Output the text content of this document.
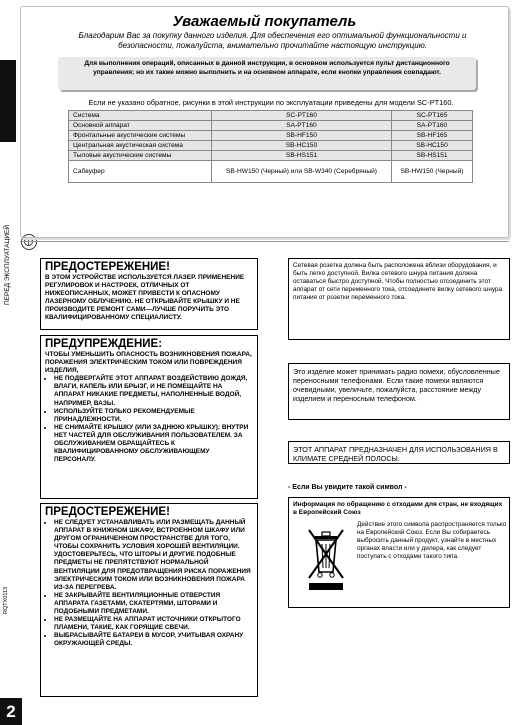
РУССКИЙ ЯЗЫК
ПЕРЕД ЭКСПЛУАТАЦИЕЙ
RQTX0113
2
Уважаемый покупатель
Благодарим Вас за покупку данного изделия. Для обеспечения его оптимальной функциональности и безопасности, пожалуйста, внимательно прочитайте настоящую инструкцию.
Для выполнения операций, описанных в данной инструкции, в основном используется пульт дистанционного управления; но их также можно выполнить и на основном аппарате, если кнопки управления совпадают.
Если не указано обратное, рисунки в этой инструкции по эксплуатации приведены для модели SC-PT160.
Система	SC-PT160	SC-PT165
Основной аппарат	SA-PT160	SA-PT160
Фронтальные акустические системы	SB-HF150	SB-HF165
Центральная акустическая система	SB-HC150	SB-HC150
Тыловые акустические системы	SB-HS151	SB-HS151
Сабвуфер	SB-HW150 (Черный) или SB-W340 (Серебряный)	SB-HW150 (Черный)
ПРЕДОСТЕРЕЖЕНИЕ!
В ЭТОМ УСТРОЙСТВЕ ИСПОЛЬЗУЕТСЯ ЛАЗЕР. ПРИМЕНЕНИЕ РЕГУЛИРОВОК И НАСТРОЕК, ОТЛИЧНЫХ ОТ НИЖЕОПИСАННЫХ, МОЖЕТ ПРИВЕСТИ К ОПАСНОМУ ЛАЗЕРНОМУ ОБЛУЧЕНИЮ. НЕ ОТКРЫВАЙТЕ КРЫШКУ И НЕ ПРОИЗВОДИТЕ РЕМОНТ САМИ—ЛУЧШЕ ПОРУЧИТЬ ЭТО КВАЛИФИЦИРОВАННОМУ СПЕЦИАЛИСТУ.
ПРЕДУПРЕЖДЕНИЕ:
ЧТОБЫ УМЕНЬШИТЬ ОПАСНОСТЬ ВОЗНИКНОВЕНИЯ ПОЖАРА, ПОРАЖЕНИЯ ЭЛЕКТРИЧЕСКИМ ТОКОМ ИЛИ ПОВРЕЖДЕНИЯ ИЗДЕЛИЯ,
• НЕ ПОДВЕРГАЙТЕ ЭТОТ АППАРАТ ВОЗДЕЙСТВИЮ ДОЖДЯ, ВЛАГИ, КАПЕЛЬ ИЛИ БРЫЗГ, И НЕ ПОМЕЩАЙТЕ НА АППАРАТ НИКАКИЕ ПРЕДМЕТЫ, НАПОЛНЕННЫЕ ВОДОЙ, НАПРИМЕР, ВАЗЫ.
• ИСПОЛЬЗУЙТЕ ТОЛЬКО РЕКОМЕНДУЕМЫЕ ПРИНАДЛЕЖНОСТИ.
• НЕ СНИМАЙТЕ КРЫШКУ (ИЛИ ЗАДНЮЮ КРЫШКУ); ВНУТРИ НЕТ ЧАСТЕЙ ДЛЯ ОБСЛУЖИВАНИЯ ПОЛЬЗОВАТЕЛЕМ. ЗА ОБСЛУЖИВАНИЕМ ОБРАЩАЙТЕСЬ К КВАЛИФИЦИРОВАННОМУ ОБСЛУЖИВАЮЩЕМУ ПЕРСОНАЛУ.
ПРЕДОСТЕРЕЖЕНИЕ!
• НЕ СЛЕДУЕТ УСТАНАВЛИВАТЬ ИЛИ РАЗМЕЩАТЬ ДАННЫЙ АППАРАТ В КНИЖНОМ ШКАФУ, ВСТРОЕННОМ ШКАФУ ИЛИ ДРУГОМ ОГРАНИЧЕННОМ ПРОСТРАНСТВЕ ДЛЯ ТОГО, ЧТОБЫ СОХРАНИТЬ УСЛОВИЯ ХОРОШЕЙ ВЕНТИЛЯЦИИ. УДОСТОВЕРЬТЕСЬ, ЧТО ШТОРЫ И ДРУГИЕ ПОДОБНЫЕ ПРЕДМЕТЫ НЕ ПРЕПЯТСТВУЮТ НОРМАЛЬНОЙ ВЕНТИЛЯЦИИ ДЛЯ ПРЕДОТВРАЩЕНИЯ РИСКА ПОРАЖЕНИЯ ЭЛЕКТРИЧЕСКИМ ТОКОМ ИЛИ ВОЗНИКНОВЕНИЯ ПОЖАРА ИЗ-ЗА ПЕРЕГРЕВА.
• НЕ ЗАКРЫВАЙТЕ ВЕНТИЛЯЦИОННЫЕ ОТВЕРСТИЯ АППАРАТА ГАЗЕТАМИ, СКАТЕРТЯМИ, ШТОРАМИ И ПОДОБНЫМИ ПРЕДМЕТАМИ.
• НЕ РАЗМЕЩАЙТЕ НА АППАРАТ ИСТОЧНИКИ ОТКРЫТОГО ПЛАМЕНИ, ТАКИЕ, КАК ГОРЯЩИЕ СВЕЧИ.
• ВЫБРАСЫВАЙТЕ БАТАРЕИ В МУСОР, УЧИТЫВАЯ ОХРАНУ ОКРУЖАЮЩЕЙ СРЕДЫ.
Сетевая розетка должна быть расположена вблизи оборудования, и быть легко доступной. Вилка сетевого шнура питания должна оставаться быстро доступной. Чтобы полностью отсоединить этот аппарат от сети переменного тока, отсоедините вилку сетевого шнура питания от розетки переменного тока.
Это изделие может принимать радио помехи, обусловленные переносными телефонами. Если такие помехи являются очевидными, увеличьте, пожалуйста, расстояние между изделием и переносным телефоном.
ЭТОТ АППАРАТ ПРЕДНАЗНАЧЕН ДЛЯ ИСПОЛЬЗОВАНИЯ В КЛИМАТЕ СРЕДНЕЙ ПОЛОСЫ.
- Если Вы увидите такой символ -
Информация по обращению с отходами для стран, не входящих в Европейский Союз
Действие этого символа распространяется только на Европейский Союз. Если Вы собираетесь выбросить данный продукт, узнайте в местных органах власти или у дилера, как следует поступать с отходами такого типа.
